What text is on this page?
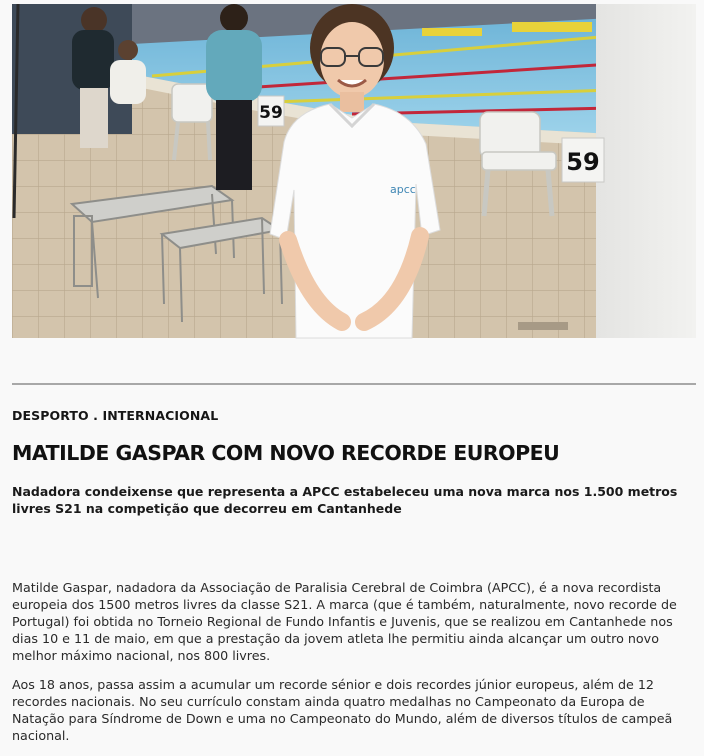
59
59
apcc
DESPORTO . INTERNACIONAL
MATILDE GASPAR COM NOVO RECORDE EUROPEU

Nadadora condeixense que representa a APCC estabeleceu uma nova marca nos 1.500 metros livres S21 na competição que decorreu em Cantanhede

Matilde Gaspar, nadadora da Associação de Paralisia Cerebral de Coimbra (APCC), é a nova recordista europeia dos 1500 metros livres da classe S21. A marca (que é também, naturalmente, novo recorde de Portugal) foi obtida no Torneio Regional de Fundo Infantis e Juvenis, que se realizou em Cantanhede nos dias 10 e 11 de maio, em que a prestação da jovem atleta lhe permitiu ainda alcançar um outro novo melhor máximo nacional, nos 800 livres.

Aos 18 anos, passa assim a acumular um recorde sénior e dois recordes júnior europeus, além de 12 recordes nacionais. No seu currículo constam ainda quatro medalhas no Campeonato da Europa de Natação para Síndrome de Down e uma no Campeonato do Mundo, além de diversos títulos de campeã nacional.
